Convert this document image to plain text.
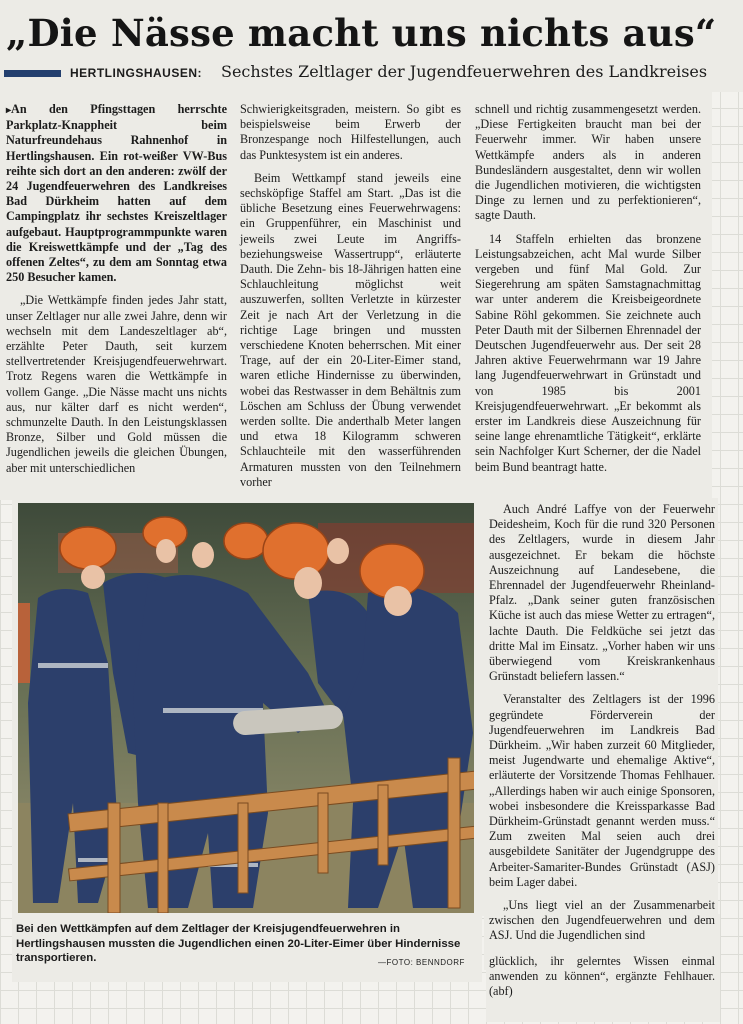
„Die Nässe macht uns nichts aus“
HERTLINGSHAUSEN: Sechstes Zeltlager der Jugendfeuerwehren des Landkreises

▸ An den Pfingsttagen herrschte Parkplatz-Knappheit beim Naturfreundehaus Rahnenhof in Hertlingshausen. Ein rot-weißer VW-Bus reihte sich dort an den anderen: zwölf der 24 Jugendfeuerwehren des Landkreises Bad Dürkheim hatten auf dem Campingplatz ihr sechstes Kreiszeltlager aufgebaut. Hauptprogrammpunkte waren die Kreiswettkämpfe und der „Tag des offenen Zeltes“, zu dem am Sonntag etwa 250 Besucher kamen.

„Die Wettkämpfe finden jedes Jahr statt, unser Zeltlager nur alle zwei Jahre, denn wir wechseln mit dem Landeszeltlager ab“, erzählte Peter Dauth, seit kurzem stellvertretender Kreisjugendfeuerwehrwart. Trotz Regens waren die Wettkämpfe in vollem Gange. „Die Nässe macht uns nichts aus, nur kälter darf es nicht werden“, schmunzelte Dauth. In den Leistungsklassen Bronze, Silber und Gold müssen die Jugendlichen jeweils die gleichen Übungen, aber mit unterschiedlichen

Schwierigkeitsgraden, meistern. So gibt es beispielsweise beim Erwerb der Bronzespange noch Hilfestellungen, auch das Punktesystem ist ein anderes.

Beim Wettkampf stand jeweils eine sechsköpfige Staffel am Start. „Das ist die übliche Besetzung eines Feuerwehrwagens: ein Gruppenführer, ein Maschinist und jeweils zwei Leute im Angriffs- beziehungsweise Wassertrupp“, erläuterte Dauth. Die Zehn- bis 18-Jährigen hatten eine Schlauchleitung möglichst weit auszuwerfen, sollten Verletzte in kürzester Zeit je nach Art der Verletzung in die richtige Lage bringen und mussten verschiedene Knoten beherrschen. Mit einer Trage, auf der ein 20-Liter-Eimer stand, waren etliche Hindernisse zu überwinden, wobei das Restwasser in dem Behältnis zum Löschen am Schluss der Übung verwendet werden sollte. Die anderthalb Meter langen und etwa 18 Kilogramm schweren Schlauchteile mit den wasserführenden Armaturen mussten von den Teilnehmern vorher

schnell und richtig zusammengesetzt werden. „Diese Fertigkeiten braucht man bei der Feuerwehr immer. Wir haben unsere Wettkämpfe anders als in anderen Bundesländern ausgestaltet, denn wir wollen die Jugendlichen motivieren, die wichtigsten Dinge zu lernen und zu perfektionieren“, sagte Dauth.

14 Staffeln erhielten das bronzene Leistungsabzeichen, acht Mal wurde Silber vergeben und fünf Mal Gold. Zur Siegerehrung am späten Samstagnachmittag war unter anderem die Kreisbeigeordnete Sabine Röhl gekommen. Sie zeichnete auch Peter Dauth mit der Silbernen Ehrennadel der Deutschen Jugendfeuerwehr aus. Der seit 28 Jahren aktive Feuerwehrmann war 19 Jahre lang Jugendfeuerwehrwart in Grünstadt und von 1985 bis 2001 Kreisjugendfeuerwehrwart. „Er bekommt als erster im Landkreis diese Auszeichnung für seine lange ehrenamtliche Tätigkeit“, erklärte sein Nachfolger Kurt Scherner, der die Nadel beim Bund beantragt hatte.

Auch André Laffye von der Feuerwehr Deidesheim, Koch für die rund 320 Personen des Zeltlagers, wurde in diesem Jahr ausgezeichnet. Er bekam die höchste Auszeichnung auf Landesebene, die Ehrennadel der Jugendfeuerwehr Rheinland-Pfalz. „Dank seiner guten französischen Küche ist auch das miese Wetter zu ertragen“, lachte Dauth. Die Feldküche sei jetzt das dritte Mal im Einsatz. „Vorher haben wir uns überwiegend vom Kreiskrankenhaus Grünstadt beliefern lassen.“

Veranstalter des Zeltlagers ist der 1996 gegründete Förderverein der Jugendfeuerwehren im Landkreis Bad Dürkheim. „Wir haben zurzeit 60 Mitglieder, meist Jugendwarte und ehemalige Aktive“, erläuterte der Vorsitzende Thomas Fehlhauer. „Allerdings haben wir auch einige Sponsoren, wobei insbesondere die Kreissparkasse Bad Dürkheim-Grünstadt genannt werden muss.“ Zum zweiten Mal seien auch drei ausgebildete Sanitäter der Jugendgruppe des Arbeiter-Samariter-Bundes Grünstadt (ASJ) beim Lager dabei.

„Uns liegt viel an der Zusammenarbeit zwischen den Jugendfeuerwehren und dem ASJ. Und die Jugendlichen sind

glücklich, ihr gelerntes Wissen einmal anwenden zu können“, ergänzte Fehlhauer. (abf)

Bei den Wettkämpfen auf dem Zeltlager der Kreisjugendfeuerwehren in Hertlingshausen mussten die Jugendlichen einen 20-Liter-Eimer über Hindernisse transportieren.	—FOTO: BENNDORF
